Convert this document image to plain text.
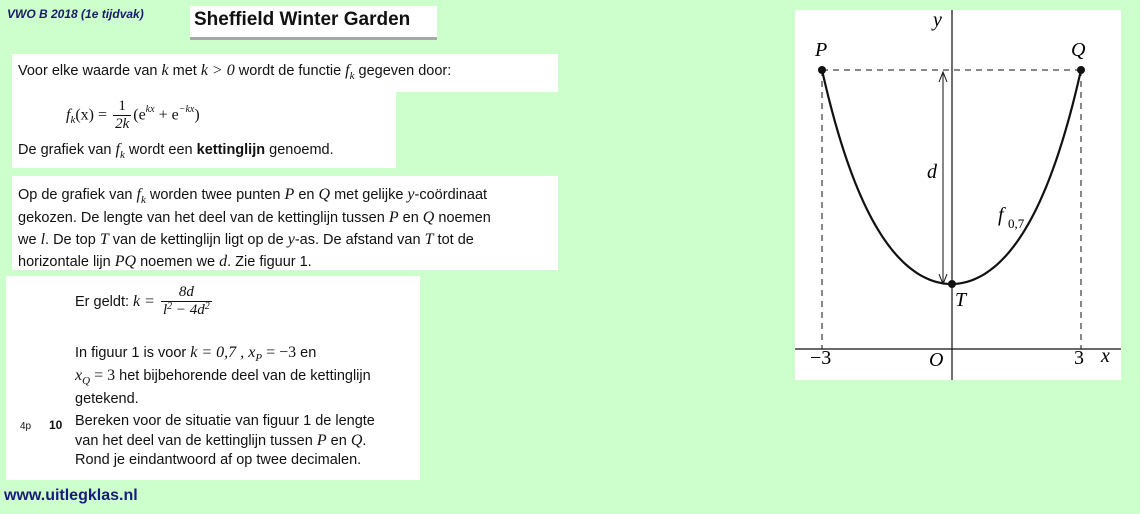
VWO B 2018 (1e tijdvak)	Sheffield Winter Garden

Voor elke waarde van k met k > 0 wordt de functie $f_k$ gegeven door:

$f_k(x) = \frac{1}{2k} (e^{kx} + e^{-kx})$

De grafiek van $f_k$ wordt een kettinglijn genoemd.

Op de grafiek van $f_k$ worden twee punten P en Q met gelijke y-coördinaat
gekozen. De lengte van het deel van de kettinglijn tussen P en Q noemen
we l. De top T van de kettinglijn ligt op de y-as. De afstand van T tot de
horizontale lijn PQ noemen we d. Zie figuur 1.

Er geldt: $k = \frac{8d}{l^2 - 4d^2}$
In figuur 1 is voor k = 0,7 , $x_P = -3$ en
$x_Q = 3$ het bijbehorende deel van de kettinglijn
getekend.
4p 10 Bereken voor de situatie van figuur 1 de lengte
van het deel van de kettinglijn tussen P en Q.
Rond je eindantwoord af op twee decimalen.
www.uitlegklas.nl
y
x
O
P	Q
T
d
f 0,7
−3	3
